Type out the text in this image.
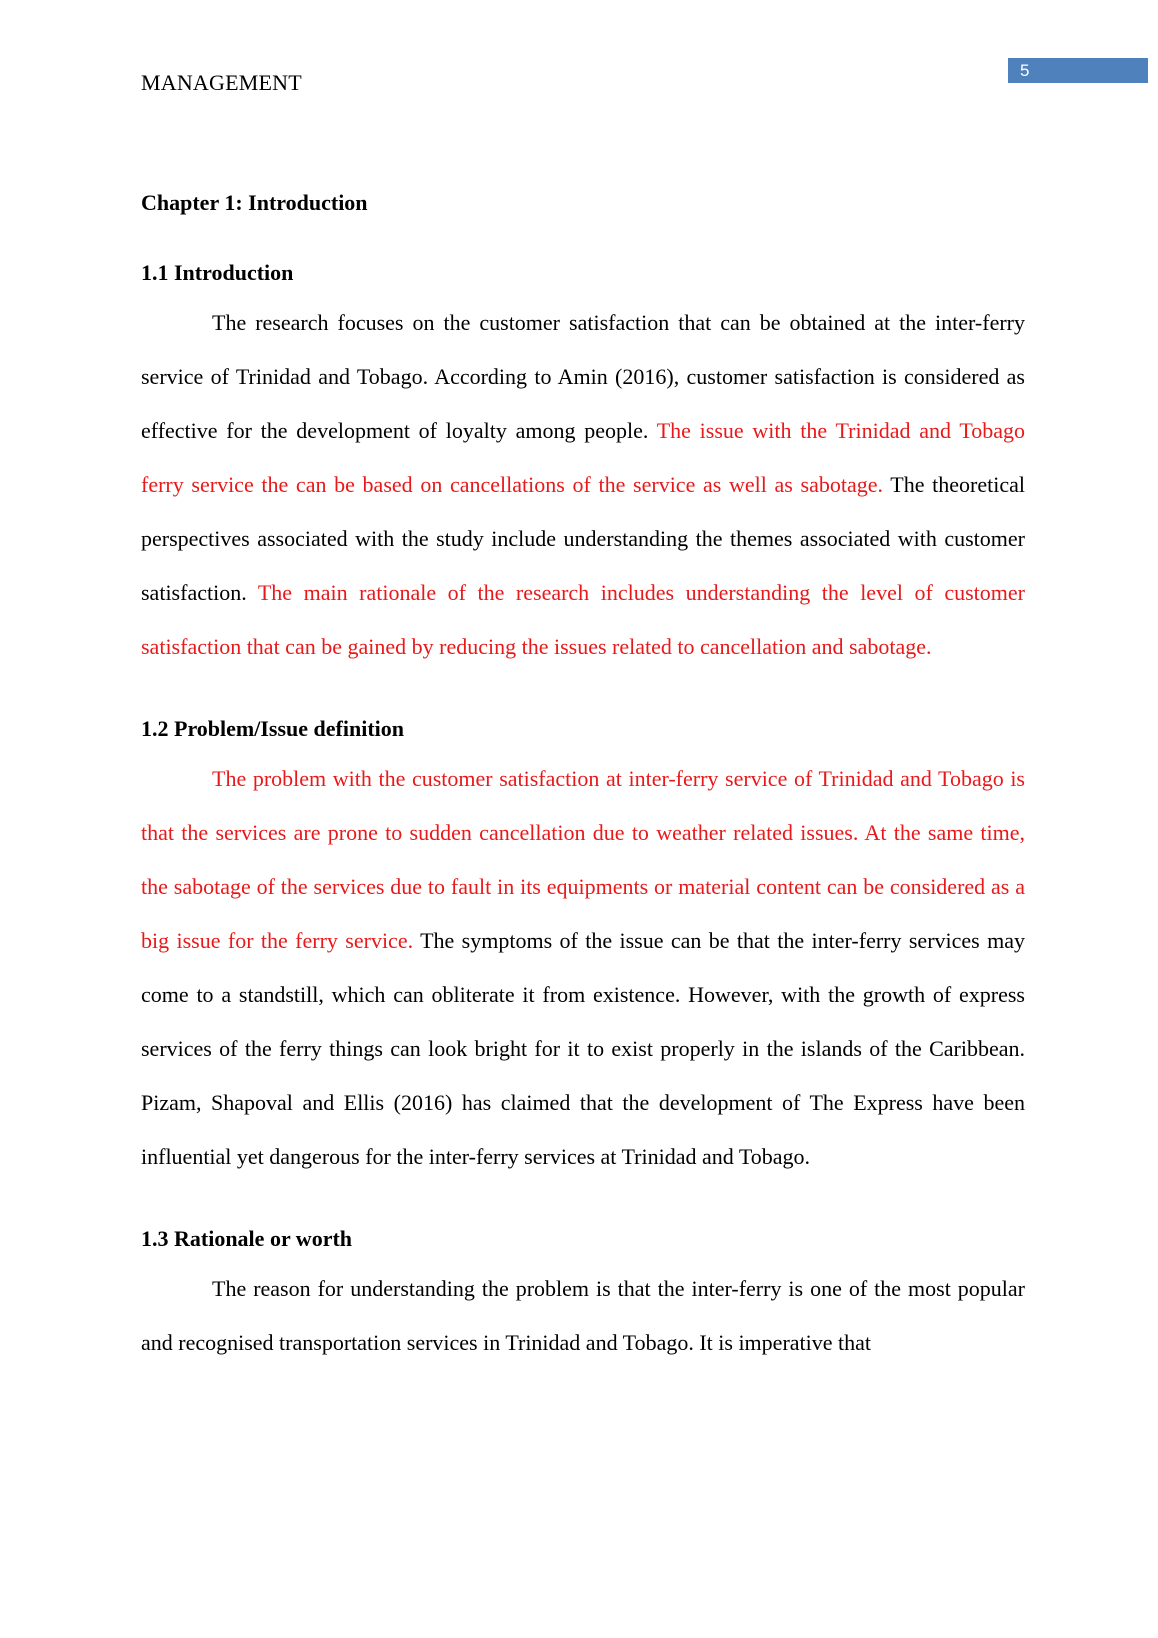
5
MANAGEMENT
Chapter 1: Introduction
1.1 Introduction

The research focuses on the customer satisfaction that can be obtained at the inter-ferry service of Trinidad and Tobago. According to Amin (2016), customer satisfaction is considered as effective for the development of loyalty among people. The issue with the Trinidad and Tobago ferry service the can be based on cancellations of the service as well as sabotage. The theoretical perspectives associated with the study include understanding the themes associated with customer satisfaction. The main rationale of the research includes understanding the level of customer satisfaction that can be gained by reducing the issues related to cancellation and sabotage.

1.2 Problem/Issue definition

The problem with the customer satisfaction at inter-ferry service of Trinidad and Tobago is that the services are prone to sudden cancellation due to weather related issues. At the same time, the sabotage of the services due to fault in its equipments or material content can be considered as a big issue for the ferry service. The symptoms of the issue can be that the inter-ferry services may come to a standstill, which can obliterate it from existence. However, with the growth of express services of the ferry things can look bright for it to exist properly in the islands of the Caribbean. Pizam, Shapoval and Ellis (2016) has claimed that the development of The Express have been influential yet dangerous for the inter-ferry services at Trinidad and Tobago.

1.3 Rationale or worth

The reason for understanding the problem is that the inter-ferry is one of the most popular and recognised transportation services in Trinidad and Tobago. It is imperative that
